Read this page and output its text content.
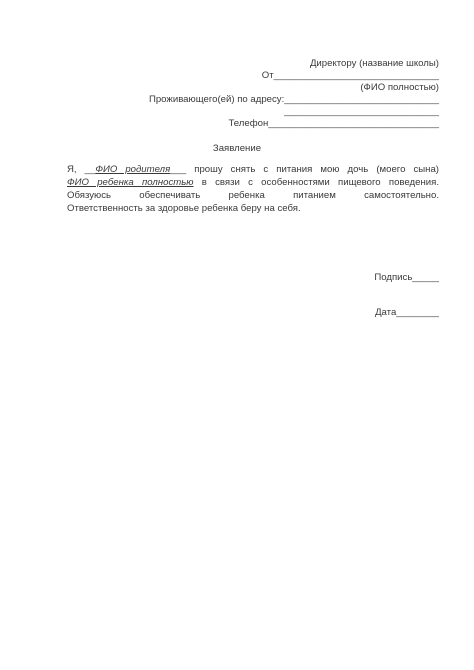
Директору (название школы)
От_______________________________
(ФИО полностью)
Проживающего(ей) по адресу:_____________________________
_____________________________
Телефон________________________________
Заявление
Я, __ФИО родителя___ прошу снять с питания мою дочь (моего сына)
ФИО ребенка полностью в связи с особенностями пищевого поведения.
Обязуюсь обеспечивать ребенка питанием самостоятельно.
Ответственность за здоровье ребенка беру на себя.
Подпись_____
Дата________
